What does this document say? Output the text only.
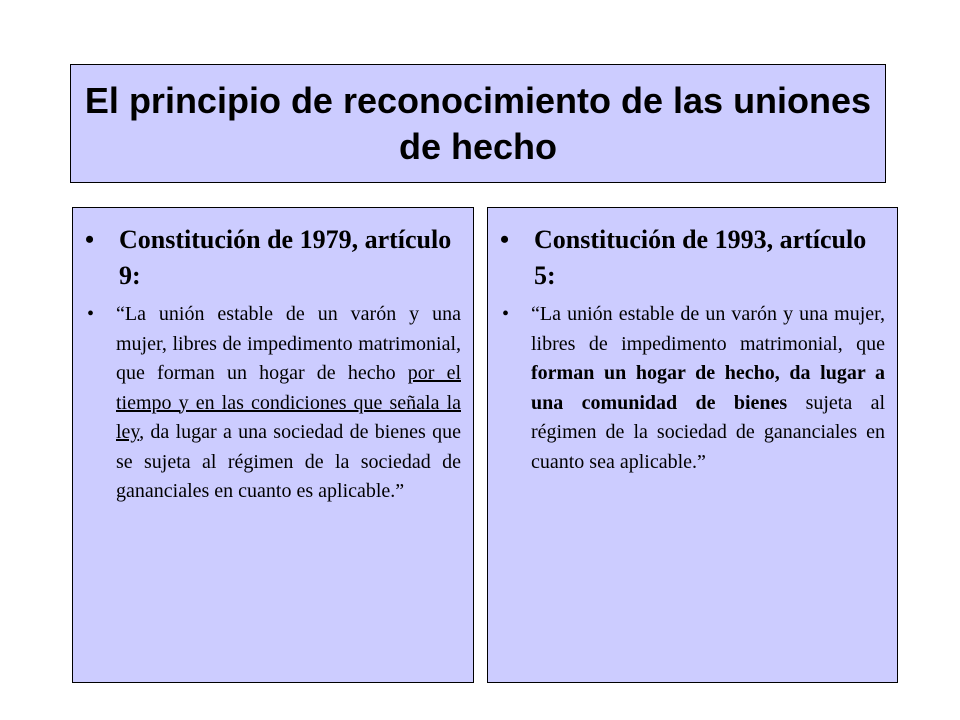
El principio de reconocimiento de las uniones de hecho
• Constitución de 1979, artículo 9:
• “La unión estable de un varón y una mujer, libres de impedimento matrimonial, que forman un hogar de hecho por el tiempo y en las condiciones que señala la ley, da lugar a una sociedad de bienes que se sujeta al régimen de la sociedad de gananciales en cuanto es aplicable.”
• Constitución de 1993, artículo 5:
• “La unión estable de un varón y una mujer, libres de impedimento matrimonial, que forman un hogar de hecho, da lugar a una comunidad de bienes sujeta al régimen de la sociedad de gananciales en cuanto sea aplicable.”
